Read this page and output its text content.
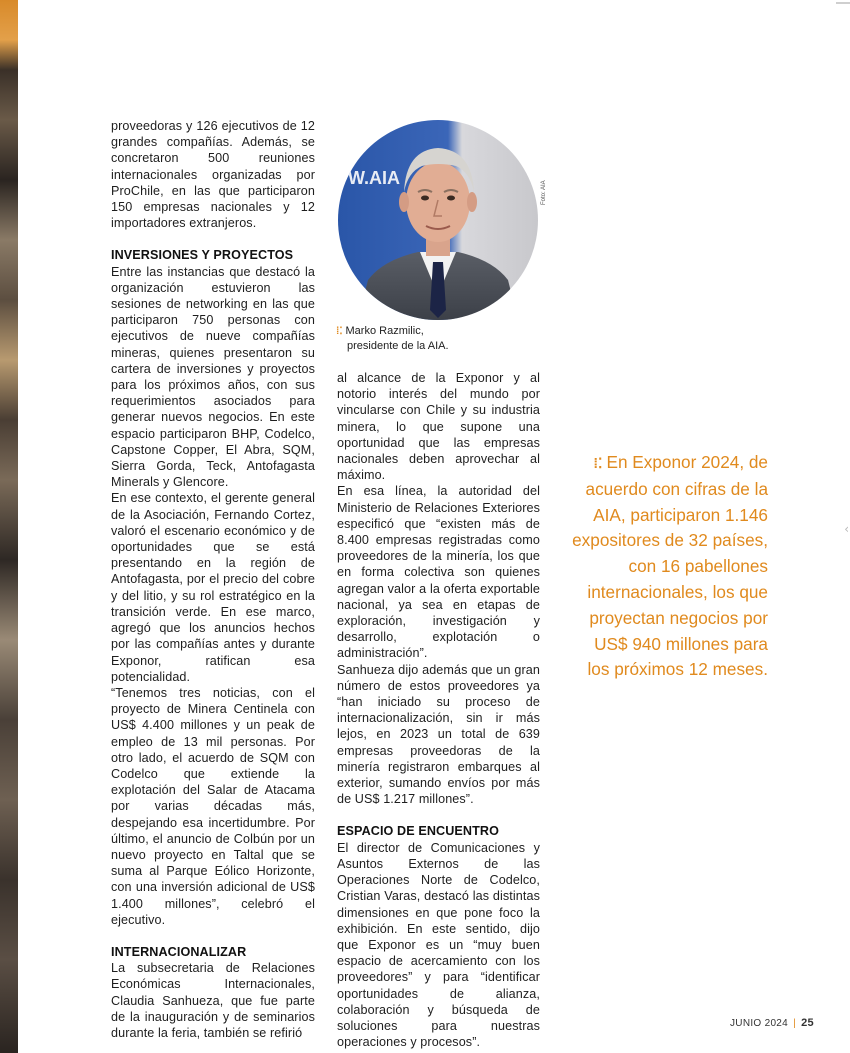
‹

proveedoras y 126 ejecutivos de 12 grandes compañías. Además, se concretaron 500 reuniones internacionales organizadas por ProChile, en las que participaron 150 empresas nacionales y 12 importadores extranjeros.

INVERSIONES Y PROYECTOS

Entre las instancias que destacó la organización estuvieron las sesiones de networking en las que participaron 750 personas con ejecutivos de nueve compañías mineras, quienes presentaron su cartera de inversiones y proyectos para los próximos años, con sus requerimientos asociados para generar nuevos negocios. En este espacio participaron BHP, Codelco, Capstone Copper, El Abra, SQM, Sierra Gorda, Teck, Antofagasta Minerals y Glencore.

En ese contexto, el gerente general de la Asociación, Fernando Cortez, valoró el escenario económico y de oportunidades que se está presentando en la región de Antofagasta, por el precio del cobre y del litio, y su rol estratégico en la transición verde. En ese marco, agregó que los anuncios hechos por las compañías antes y durante Exponor, ratifican esa potencialidad.

“Tenemos tres noticias, con el proyecto de Minera Centinela con US$ 4.400 millones y un peak de empleo de 13 mil personas. Por otro lado, el acuerdo de SQM con Codelco que extiende la explotación del Salar de Atacama por varias décadas más, despejando esa incertidumbre. Por último, el anuncio de Colbún por un nuevo proyecto en Taltal que se suma al Parque Eólico Horizonte, con una inversión adicional de US$ 1.400 millones”, celebró el ejecutivo.

INTERNACIONALIZAR

La subsecretaria de Relaciones Económicas Internacionales, Claudia Sanhueza, que fue parte de la inauguración y de seminarios durante la feria, también se refirió

W.AIA
Foto: AIA
⁞⁚ Marko Razmilic,
presidente de la AIA.

al alcance de la Exponor y al notorio interés del mundo por vincularse con Chile y su industria minera, lo que supone una oportunidad que las empresas nacionales deben aprovechar al máximo.

En esa línea, la autoridad del Ministerio de Relaciones Exteriores especificó que “existen más de 8.400 empresas registradas como proveedores de la minería, los que en forma colectiva son quienes agregan valor a la oferta exportable nacional, ya sea en etapas de exploración, investigación y desarrollo, explotación o administración”.

Sanhueza dijo además que un gran número de estos proveedores ya “han iniciado su proceso de internacionalización, sin ir más lejos, en 2023 un total de 639 empresas proveedoras de la minería registraron embarques al exterior, sumando envíos por más de US$ 1.217 millones”.

ESPACIO DE ENCUENTRO

El director de Comunicaciones y Asuntos Externos de las Operaciones Norte de Codelco, Cristian Varas, destacó las distintas dimensiones en que pone foco la exhibición. En este sentido, dijo que Exponor es un “muy buen espacio de acercamiento con los proveedores” y para “identificar oportunidades de alianza, colaboración y búsqueda de soluciones para nuestras operaciones y procesos”.

⁞⁚ En Exponor 2024, de acuerdo con cifras de la AIA, participaron 1.146 expositores de 32 países, con 16 pabellones internacionales, los que proyectan negocios por US$ 940 millones para los próximos 12 meses.
JUNIO 2024 | 25
